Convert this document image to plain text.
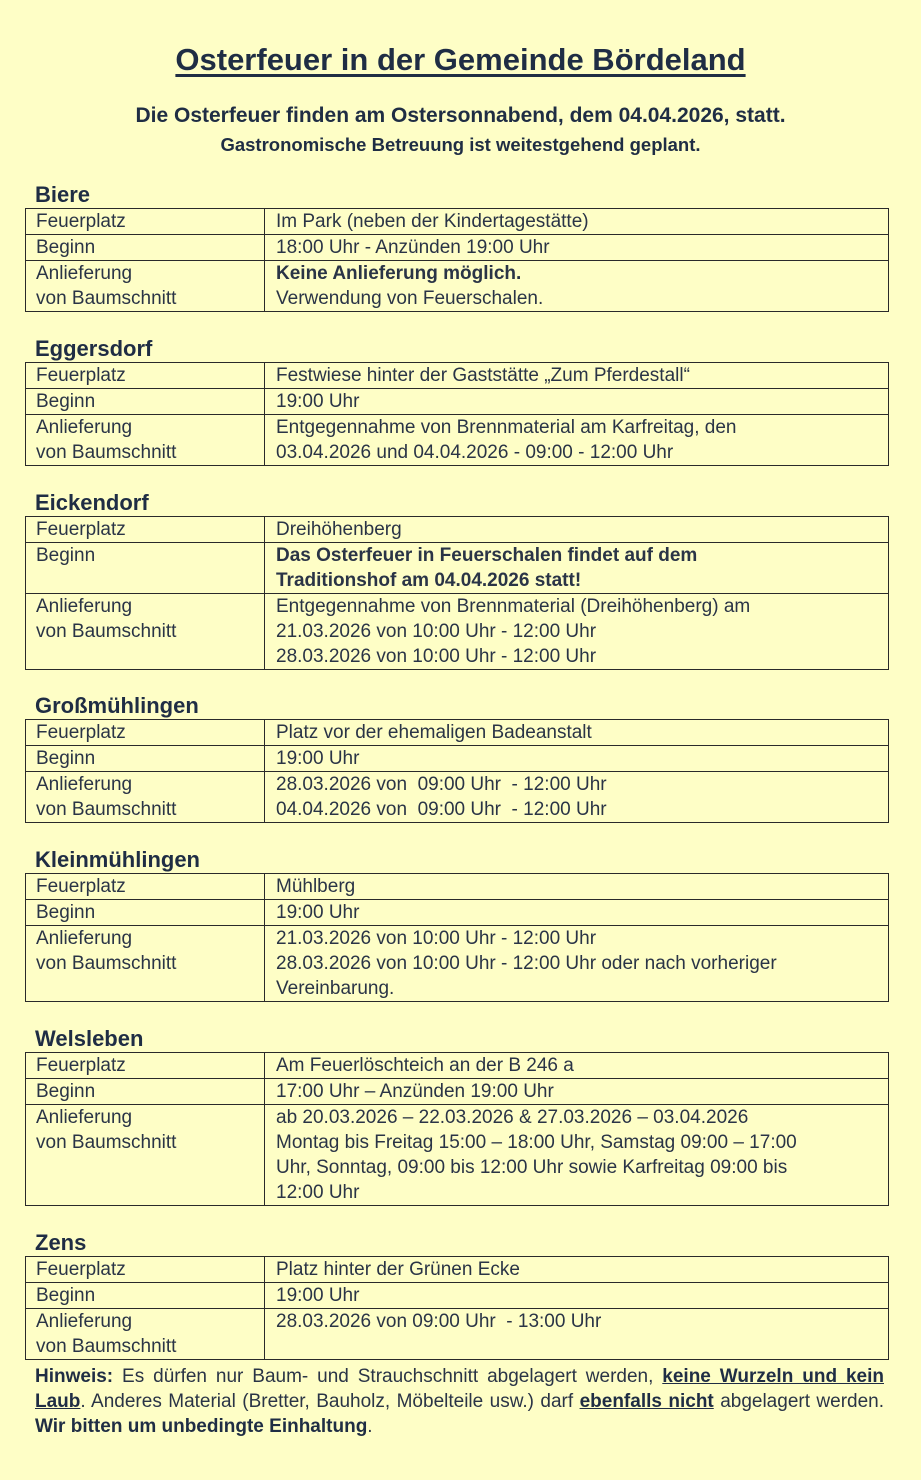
Osterfeuer in der Gemeinde Bördeland
Die Osterfeuer finden am Ostersonnabend, dem 04.04.2026, statt.
Gastronomische Betreuung ist weitestgehend geplant.
Biere
Feuerplatz	Im Park (neben der Kindertagestätte)
Beginn	18:00 Uhr - Anzünden 19:00 Uhr
Anlieferung
von Baumschnitt	Keine Anlieferung möglich.
Verwendung von Feuerschalen.
Eggersdorf
Feuerplatz	Festwiese hinter der Gaststätte „Zum Pferdestall“
Beginn	19:00 Uhr
Anlieferung
von Baumschnitt	Entgegennahme von Brennmaterial am Karfreitag, den
03.04.2026 und 04.04.2026 - 09:00 - 12:00 Uhr
Eickendorf
Feuerplatz	Dreihöhenberg
Beginn	Das Osterfeuer in Feuerschalen findet auf dem
Traditionshof am 04.04.2026 statt!
Anlieferung
von Baumschnitt	Entgegennahme von Brennmaterial (Dreihöhenberg) am
21.03.2026 von 10:00 Uhr - 12:00 Uhr
28.03.2026 von 10:00 Uhr - 12:00 Uhr
Großmühlingen
Feuerplatz	Platz vor der ehemaligen Badeanstalt
Beginn	19:00 Uhr
Anlieferung
von Baumschnitt	28.03.2026 von  09:00 Uhr  - 12:00 Uhr
04.04.2026 von  09:00 Uhr  - 12:00 Uhr
Kleinmühlingen
Feuerplatz	Mühlberg
Beginn	19:00 Uhr
Anlieferung
von Baumschnitt	21.03.2026 von 10:00 Uhr - 12:00 Uhr
28.03.2026 von 10:00 Uhr - 12:00 Uhr oder nach vorheriger
Vereinbarung.
Welsleben
Feuerplatz	Am Feuerlöschteich an der B 246 a
Beginn	17:00 Uhr – Anzünden 19:00 Uhr
Anlieferung
von Baumschnitt	ab 20.03.2026 – 22.03.2026 & 27.03.2026 – 03.04.2026
Montag bis Freitag 15:00 – 18:00 Uhr, Samstag 09:00 – 17:00
Uhr, Sonntag, 09:00 bis 12:00 Uhr sowie Karfreitag 09:00 bis
12:00 Uhr
Zens
Feuerplatz	Platz hinter der Grünen Ecke
Beginn	19:00 Uhr
Anlieferung
von Baumschnitt	28.03.2026 von 09:00 Uhr  - 13:00 Uhr
Hinweis: Es dürfen nur Baum- und Strauchschnitt abgelagert werden, keine Wurzeln und kein Laub. Anderes Material (Bretter, Bauholz, Möbelteile usw.) darf ebenfalls nicht abgelagert werden. Wir bitten um unbedingte Einhaltung.
